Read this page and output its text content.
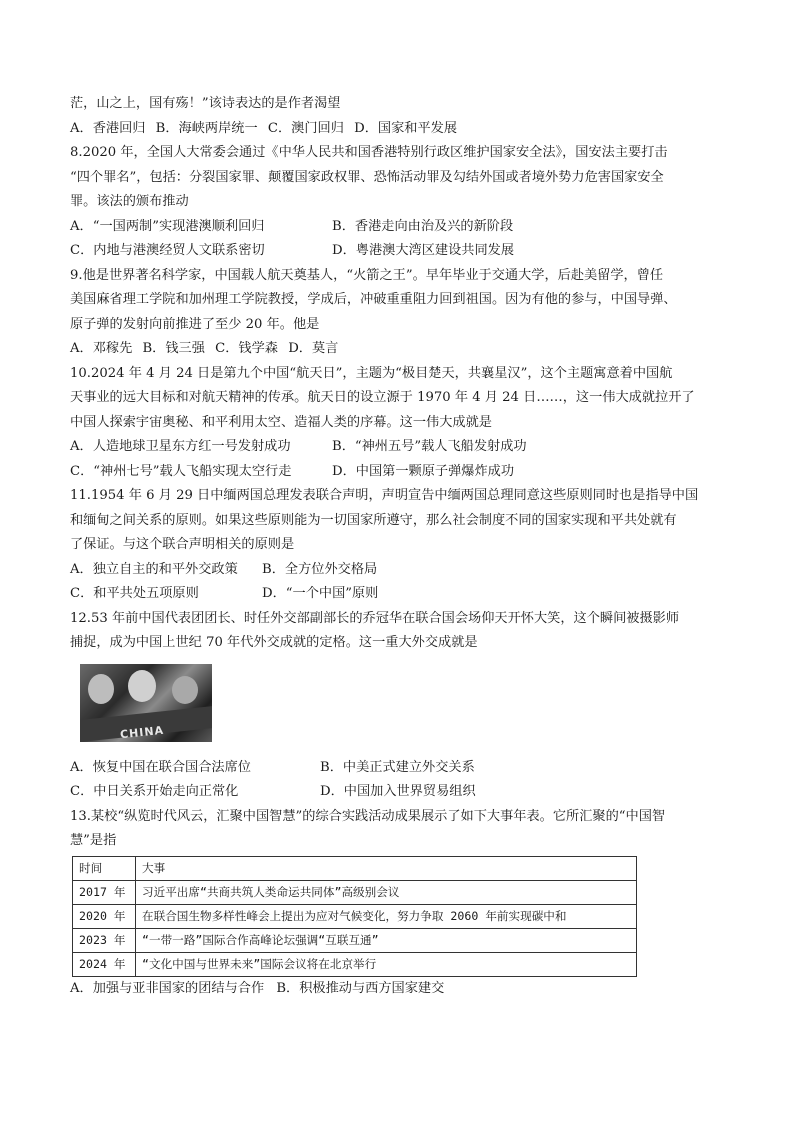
茫，山之上，国有殇！”该诗表达的是作者渴望
A．香港回归 B．海峡两岸统一 C．澳门回归 D．国家和平发展
8.2020 年，全国人大常委会通过《中华人民共和国香港特别行政区维护国家安全法》，国安法主要打击
“四个罪名”，包括：分裂国家罪、颠覆国家政权罪、恐怖活动罪及勾结外国或者境外势力危害国家安全
罪。该法的颁布推动
A．“一国两制”实现港澳顺利回归	B．香港走向由治及兴的新阶段
C．内地与港澳经贸人文联系密切	D．粤港澳大湾区建设共同发展
9.他是世界著名科学家，中国载人航天奠基人，“火箭之王”。早年毕业于交通大学，后赴美留学，曾任
美国麻省理工学院和加州理工学院教授，学成后，冲破重重阻力回到祖国。因为有他的参与，中国导弹、
原子弹的发射向前推进了至少 20 年。他是
A．邓稼先 B．钱三强 C．钱学森 D．莫言
10.2024 年 4 月 24 日是第九个中国“航天日”，主题为“极目楚天，共襄星汉”，这个主题寓意着中国航
天事业的远大目标和对航天精神的传承。航天日的设立源于 1970 年 4 月 24 日……，这一伟大成就拉开了
中国人探索宇宙奥秘、和平利用太空、造福人类的序幕。这一伟大成就是
A．人造地球卫星东方红一号发射成功	B．“神州五号”载人飞船发射成功
C．“神州七号”载人飞船实现太空行走	D．中国第一颗原子弹爆炸成功
11.1954 年 6 月 29 日中缅两国总理发表联合声明，声明宣告中缅两国总理同意这些原则同时也是指导中国
和缅甸之间关系的原则。如果这些原则能为一切国家所遵守，那么社会制度不同的国家实现和平共处就有
了保证。与这个联合声明相关的原则是
A．独立自主的和平外交政策 B．全方位外交格局
C．和平共处五项原则	D．“一个中国”原则
12.53 年前中国代表团团长、时任外交部副部长的乔冠华在联合国会场仰天开怀大笑，这个瞬间被摄影师
捕捉，成为中国上世纪 70 年代外交成就的定格。这一重大外交成就是
CHINA
A．恢复中国在联合国合法席位	B．中美正式建立外交关系
C．中日关系开始走向正常化	D．中国加入世界贸易组织
13.某校“纵览时代风云，汇聚中国智慧”的综合实践活动成果展示了如下大事年表。它所汇聚的“中国智
慧”是指
时间	大事
2017 年	习近平出席“共商共筑人类命运共同体”高级别会议
2020 年	在联合国生物多样性峰会上提出为应对气候变化，努力争取 2060 年前实现碳中和
2023 年	“一带一路”国际合作高峰论坛强调“互联互通”
2024 年	“文化中国与世界未来”国际会议将在北京举行
A．加强与亚非国家的团结与合作 B．积极推动与西方国家建交
